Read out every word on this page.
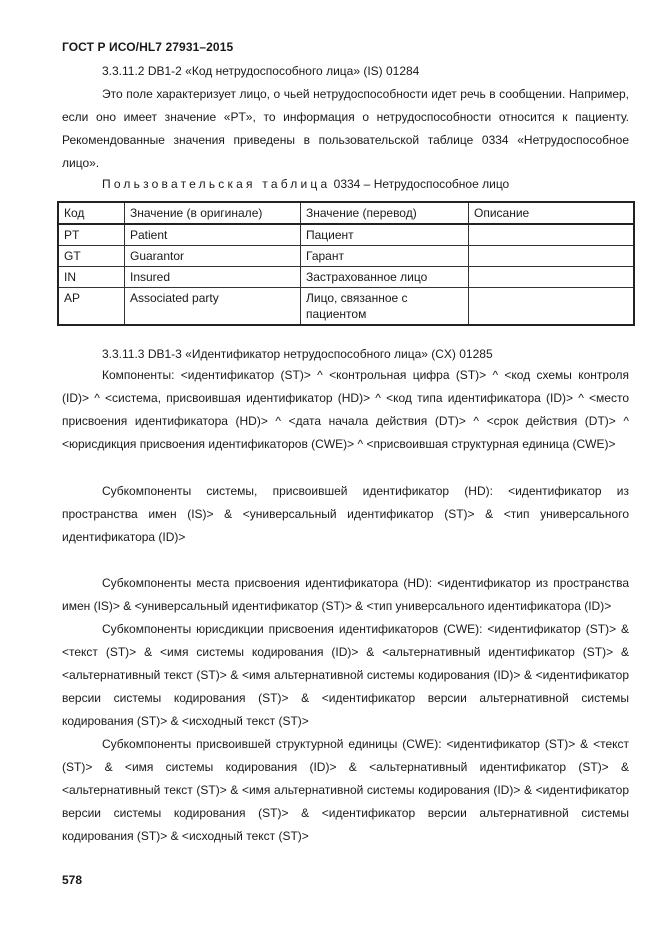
ГОСТ Р ИСО/HL7 27931–2015
3.3.11.2 DB1-2 «Код нетрудоспособного лица» (IS) 01284

Это поле характеризует лицо, о чьей нетрудоспособности идет речь в сообщении. Например, если оно имеет значение «PT», то информация о нетрудоспособности относится к пациенту. Рекомендованные значения приведены в пользовательской таблице 0334 «Нетрудоспособное лицо».

Пользовательская таблица 0334 – Нетрудоспособное лицо
Код	Значение (в оригинале)	Значение (перевод)	Описание
PT	Patient	Пациент	
GT	Guarantor	Гарант	
IN	Insured	Застрахованное лицо	
AP	Associated party	Лицо, связанное с пациентом	
3.3.11.3 DB1-3 «Идентификатор нетрудоспособного лица» (CX) 01285

Компоненты: <идентификатор (ST)> ^ <контрольная цифра (ST)> ^ <код схемы контроля (ID)> ^ <система, присвоившая идентификатор (HD)> ^ <код типа идентификатора (ID)> ^ <место присвоения идентификатора (HD)> ^ <дата начала действия (DT)> ^ <срок действия (DT)> ^ <юрисдикция присвоения идентификаторов (CWE)> ^ <присвоившая структурная единица (CWE)>

Субкомпоненты системы, присвоившей идентификатор (HD): <идентификатор из пространства имен (IS)> & <универсальный идентификатор (ST)> & <тип универсального идентификатора (ID)>

Субкомпоненты места присвоения идентификатора (HD): <идентификатор из пространства имен (IS)> & <универсальный идентификатор (ST)> & <тип универсального идентификатора (ID)>

Субкомпоненты юрисдикции присвоения идентификаторов (CWE): <идентификатор (ST)> & <текст (ST)> & <имя системы кодирования (ID)> & <альтернативный идентификатор (ST)> & <альтернативный текст (ST)> & <имя альтернативной системы кодирования (ID)> & <идентификатор версии системы кодирования (ST)> & <идентификатор версии альтернативной системы кодирования (ST)> & <исходный текст (ST)>

Субкомпоненты присвоившей структурной единицы (CWE): <идентификатор (ST)> & <текст (ST)> & <имя системы кодирования (ID)> & <альтернативный идентификатор (ST)> & <альтернативный текст (ST)> & <имя альтернативной системы кодирования (ID)> & <идентификатор версии системы кодирования (ST)> & <идентификатор версии альтернативной системы кодирования (ST)> & <исходный текст (ST)>

578
